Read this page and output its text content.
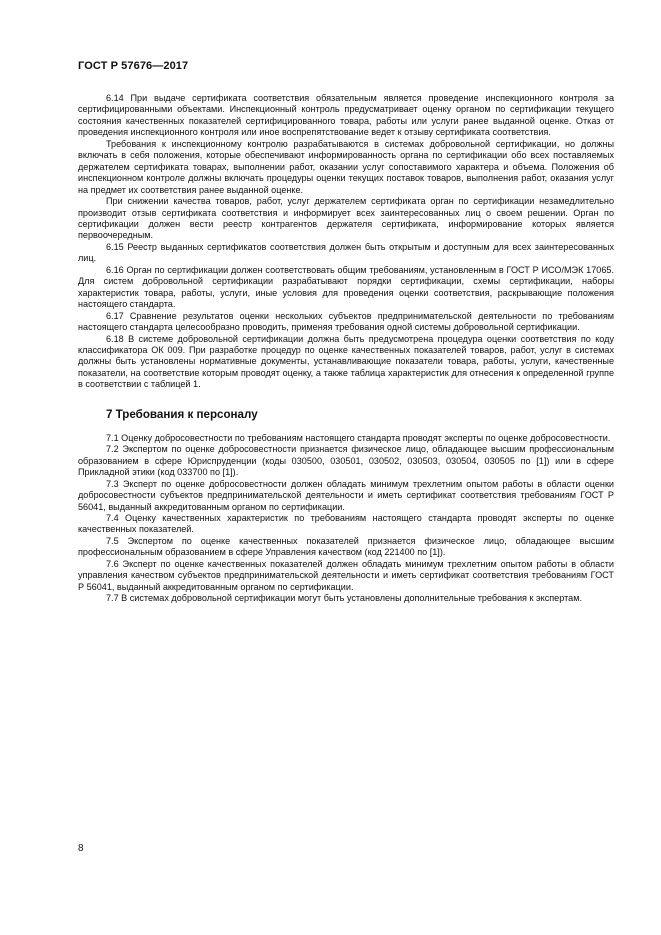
ГОСТ Р 57676—2017

6.14 При выдаче сертификата соответствия обязательным является проведение инспекционного контроля за сертифицированными объектами. Инспекционный контроль предусматривает оценку органом по сертификации текущего состояния качественных показателей сертифицированного товара, работы или услуги ранее выданной оценке. Отказ от проведения инспекционного контроля или иное воспрепятствование ведет к отзыву сертификата соответствия.

Требования к инспекционному контролю разрабатываются в системах добровольной сертификации, но должны включать в себя положения, которые обеспечивают информированность органа по сертификации обо всех поставляемых держателем сертификата товарах, выполнении работ, оказании услуг сопоставимого характера и объема. Положения об инспекционном контроле должны включать процедуры оценки текущих поставок товаров, выполнения работ, оказания услуг на предмет их соответствия ранее выданной оценке.

При снижении качества товаров, работ, услуг держателем сертификата орган по сертификации незамедлительно производит отзыв сертификата соответствия и информирует всех заинтересованных лиц о своем решении. Орган по сертификации должен вести реестр контрагентов держателя сертификата, информирование которых является первоочередным.

6.15 Реестр выданных сертификатов соответствия должен быть открытым и доступным для всех заинтересованных лиц.

6.16 Орган по сертификации должен соответствовать общим требованиям, установленным в ГОСТ Р ИСО/МЭК 17065. Для систем добровольной сертификации разрабатывают порядки сертификации, схемы сертификации, наборы характеристик товара, работы, услуги, иные условия для проведения оценки соответствия, раскрывающие положения настоящего стандарта.

6.17 Сравнение результатов оценки нескольких субъектов предпринимательской деятельности по требованиям настоящего стандарта целесообразно проводить, применяя требования одной системы добровольной сертификации.

6.18 В системе добровольной сертификации должна быть предусмотрена процедура оценки соответствия по коду классификатора ОК 009. При разработке процедур по оценке качественных показателей товаров, работ, услуг в системах должны быть установлены нормативные документы, устанавливающие показатели товара, работы, услуги, качественные показатели, на соответствие которым проводят оценку, а также таблица характеристик для отнесения к определенной группе в соответствии с таблицей 1.

7 Требования к персоналу

7.1 Оценку добросовестности по требованиям настоящего стандарта проводят эксперты по оценке добросовестности.

7.2 Экспертом по оценке добросовестности признается физическое лицо, обладающее высшим профессиональным образованием в сфере Юриспруденции (коды 030500, 030501, 030502, 030503, 030504, 030505 по [1]) или в сфере Прикладной этики (код 033700 по [1]).

7.3 Эксперт по оценке добросовестности должен обладать минимум трехлетним опытом работы в области оценки добросовестности субъектов предпринимательской деятельности и иметь сертификат соответствия требованиям ГОСТ Р 56041, выданный аккредитованным органом по сертификации.

7.4 Оценку качественных характеристик по требованиям настоящего стандарта проводят эксперты по оценке качественных показателей.

7.5 Экспертом по оценке качественных показателей признается физическое лицо, обладающее высшим профессиональным образованием в сфере Управления качеством (код 221400 по [1]).

7.6 Эксперт по оценке качественных показателей должен обладать минимум трехлетним опытом работы в области управления качеством субъектов предпринимательской деятельности и иметь сертификат соответствия требованиям ГОСТ Р 56041, выданный аккредитованным органом по сертификации.

7.7 В системах добровольной сертификации могут быть установлены дополнительные требования к экспертам.

8
